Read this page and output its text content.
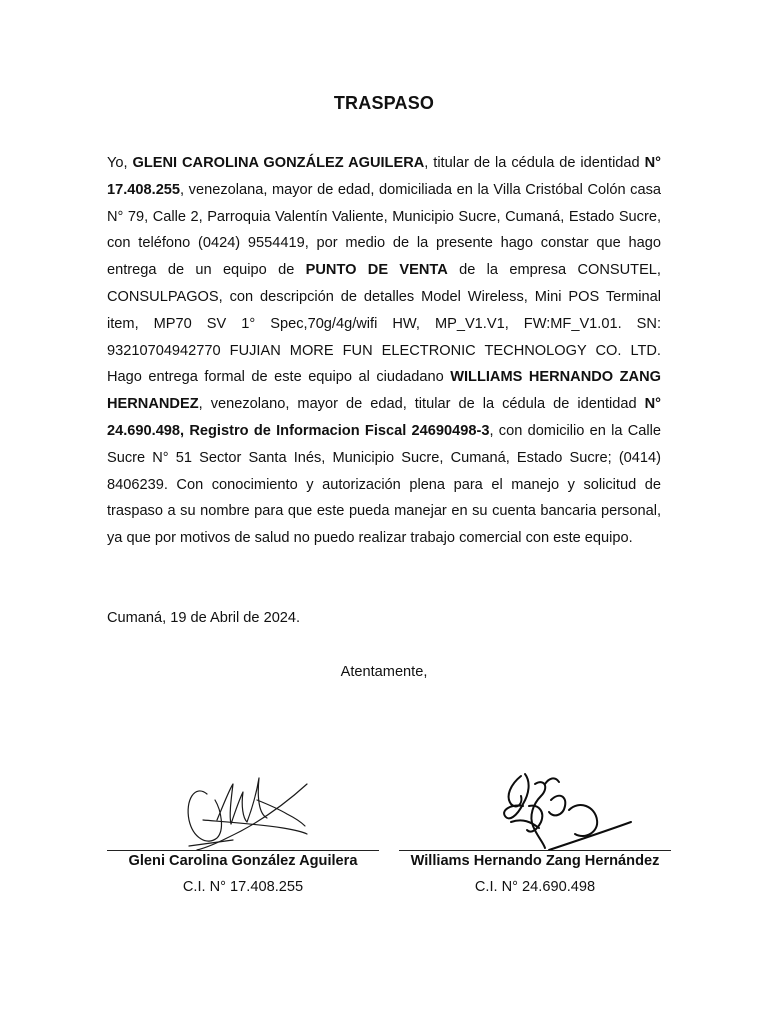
TRASPASO

Yo, GLENI CAROLINA GONZÁLEZ AGUILERA, titular de la cédula de identidad N° 17.408.255, venezolana, mayor de edad, domiciliada en la Villa Cristóbal Colón casa N° 79, Calle 2, Parroquia Valentín Valiente, Municipio Sucre, Cumaná, Estado Sucre, con teléfono (0424) 9554419, por medio de la presente hago constar que hago entrega de un equipo de PUNTO DE VENTA de la empresa CONSUTEL, CONSULPAGOS, con descripción de detalles Model Wireless, Mini POS Terminal item, MP70 SV 1° Spec,70g/4g/wifi HW, MP_V1.V1, FW:MF_V1.01. SN: 93210704942770 FUJIAN MORE FUN ELECTRONIC TECHNOLOGY CO. LTD. Hago entrega formal de este equipo al ciudadano WILLIAMS HERNANDO ZANG HERNANDEZ, venezolano, mayor de edad, titular de la cédula de identidad N° 24.690.498, Registro de Informacion Fiscal 24690498-3, con domicilio en la Calle Sucre N° 51 Sector Santa Inés, Municipio Sucre, Cumaná, Estado Sucre; (0414) 8406239. Con conocimiento y autorización plena para el manejo y solicitud de traspaso a su nombre para que este pueda manejar en su cuenta bancaria personal, ya que por motivos de salud no puedo realizar trabajo comercial con este equipo.

Cumaná, 19 de Abril de 2024.
Atentamente,
Gleni Carolina González Aguilera
C.I. N° 17.408.255
Williams Hernando Zang Hernández
C.I. N° 24.690.498
